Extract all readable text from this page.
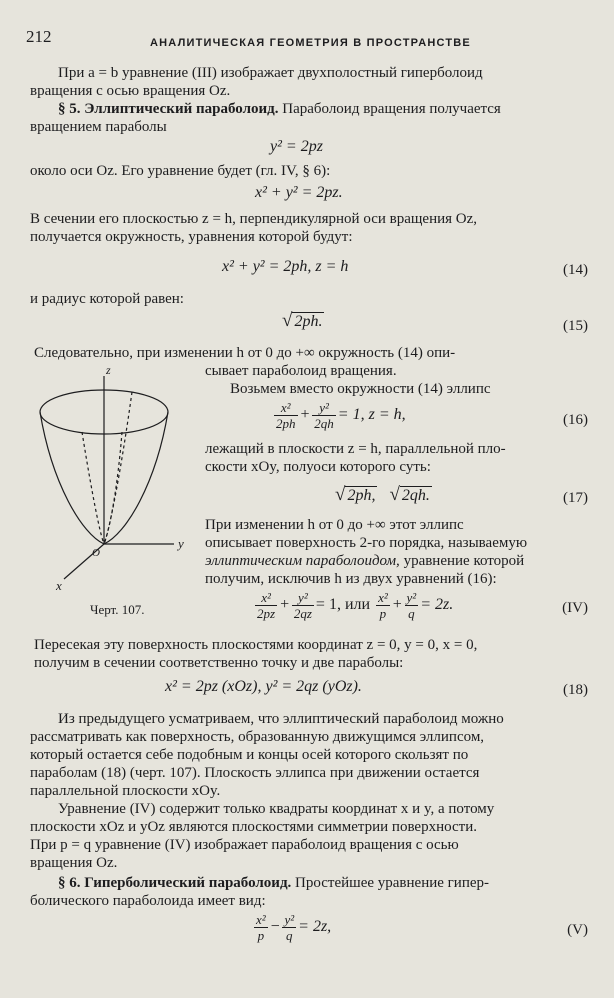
212	АНАЛИТИЧЕСКАЯ ГЕОМЕТРИЯ В ПРОСТРАНСТВЕ
При a = b уравнение (III) изображает двухполостный гиперболоид
вращения с осью вращения Oz.
§ 5. Эллиптический параболоид. Параболоид вращения получается
вращением параболы
y² = 2pz
около оси Oz. Его уравнение будет (гл. IV, § 6):
x² + y² = 2pz.
В сечении его плоскостью z = h, перпендикулярной оси вращения Oz,
получается окружность, уравнения которой будут:
x² + y² = 2ph, z = h	(14)
и радиус которой равен:
√ 2ph.	(15)
Следовательно, при изменении h от 0 до +∞ окружность (14) опи-
сывает параболоид вращения.
Возьмем вместо окружности (14) эллипс
$\frac{\text{x²}}{2ph} + \frac{\text{y²}}{2qh} = 1$, z = h,	(16)
лежащий в плоскости z = h, параллельной пло-
скости xOy, полуоси которого суть:
√ 2ph, √ 2qh.	(17)
При изменении h от 0 до +∞ этот эллипс
описывает поверхность 2-го порядка, называемую
эллиптическим параболоидом, уравнение которой
получим, исключив h из двух уравнений (16):
$\frac{\text{x²}}{2pz} + \frac{\text{y²}}{2qz} = 1$, или $\frac{\text{x²}}{p} + \frac{\text{y²}}{q} = 2z$.	(IV)
z
y
x
O
Черт. 107.
Пересекая эту поверхность плоскостями координат z = 0, y = 0, x = 0,
получим в сечении соответственно точку и две параболы:
x² = 2pz (xOz), y² = 2qz (yOz).	(18)
Из предыдущего усматриваем, что эллиптический параболоид можно
рассматривать как поверхность, образованную движущимся эллипсом,
который остается себе подобным и концы осей которого скользят по
параболам (18) (черт. 107). Плоскость эллипса при движении остается
параллельной плоскости xOy.
Уравнение (IV) содержит только квадраты координат x и y, а потому
плоскости xOz и yOz являются плоскостями симметрии поверхности.
При p = q уравнение (IV) изображает параболоид вращения с осью
вращения Oz.
§ 6. Гиперболический параболоид. Простейшее уравнение гипер-
болического параболоида имеет вид:
$\frac{\text{x²}}{p} - \frac{\text{y²}}{q} = 2z$,	(V)
